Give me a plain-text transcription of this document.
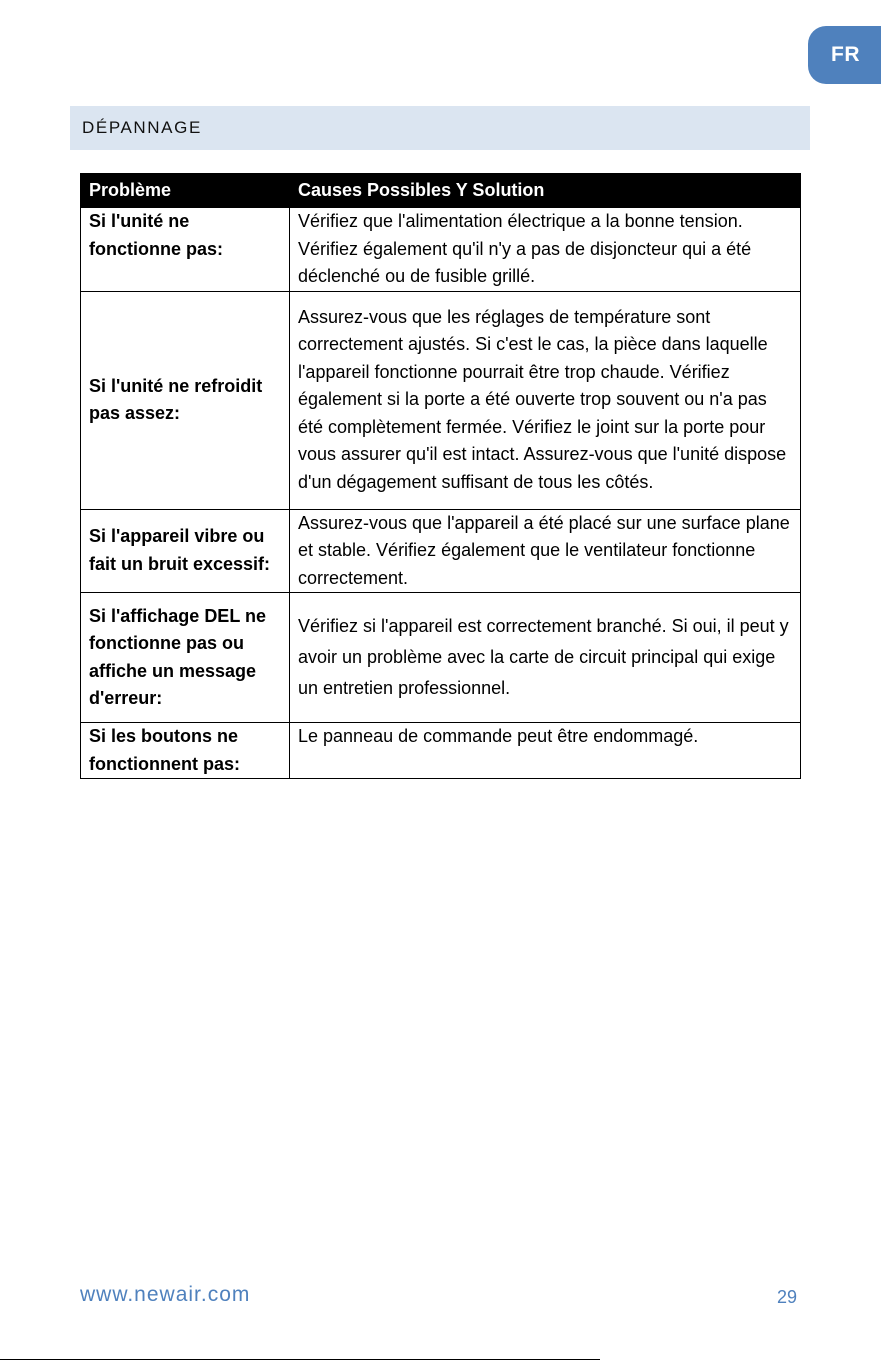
FR
DÉPANNAGE
Problème	Causes Possibles Y Solution
Si l'unité ne fonctionne pas:	Vérifiez que l'alimentation électrique a la bonne tension. Vérifiez également qu'il n'y a pas de disjoncteur qui a été déclenché ou de fusible grillé.
Si l'unité ne refroidit pas assez:	Assurez-vous que les réglages de température sont correctement ajustés. Si c'est le cas, la pièce dans laquelle l'appareil fonctionne pourrait être trop chaude. Vérifiez également si la porte a été ouverte trop souvent ou n'a pas été complètement fermée. Vérifiez le joint sur la porte pour vous assurer qu'il est intact. Assurez-vous que l'unité dispose d'un dégagement suffisant de tous les côtés.
Si l'appareil vibre ou fait un bruit excessif:	Assurez-vous que l'appareil a été placé sur une surface plane et stable. Vérifiez également que le ventilateur fonctionne correctement.
Si l'affichage DEL ne fonctionne pas ou affiche un message d'erreur:	Vérifiez si l'appareil est correctement branché. Si oui, il peut y avoir un problème avec la carte de circuit principal qui exige un entretien professionnel.
Si les boutons ne fonctionnent pas:	Le panneau de commande peut être endommagé.
www.newair.com	29
